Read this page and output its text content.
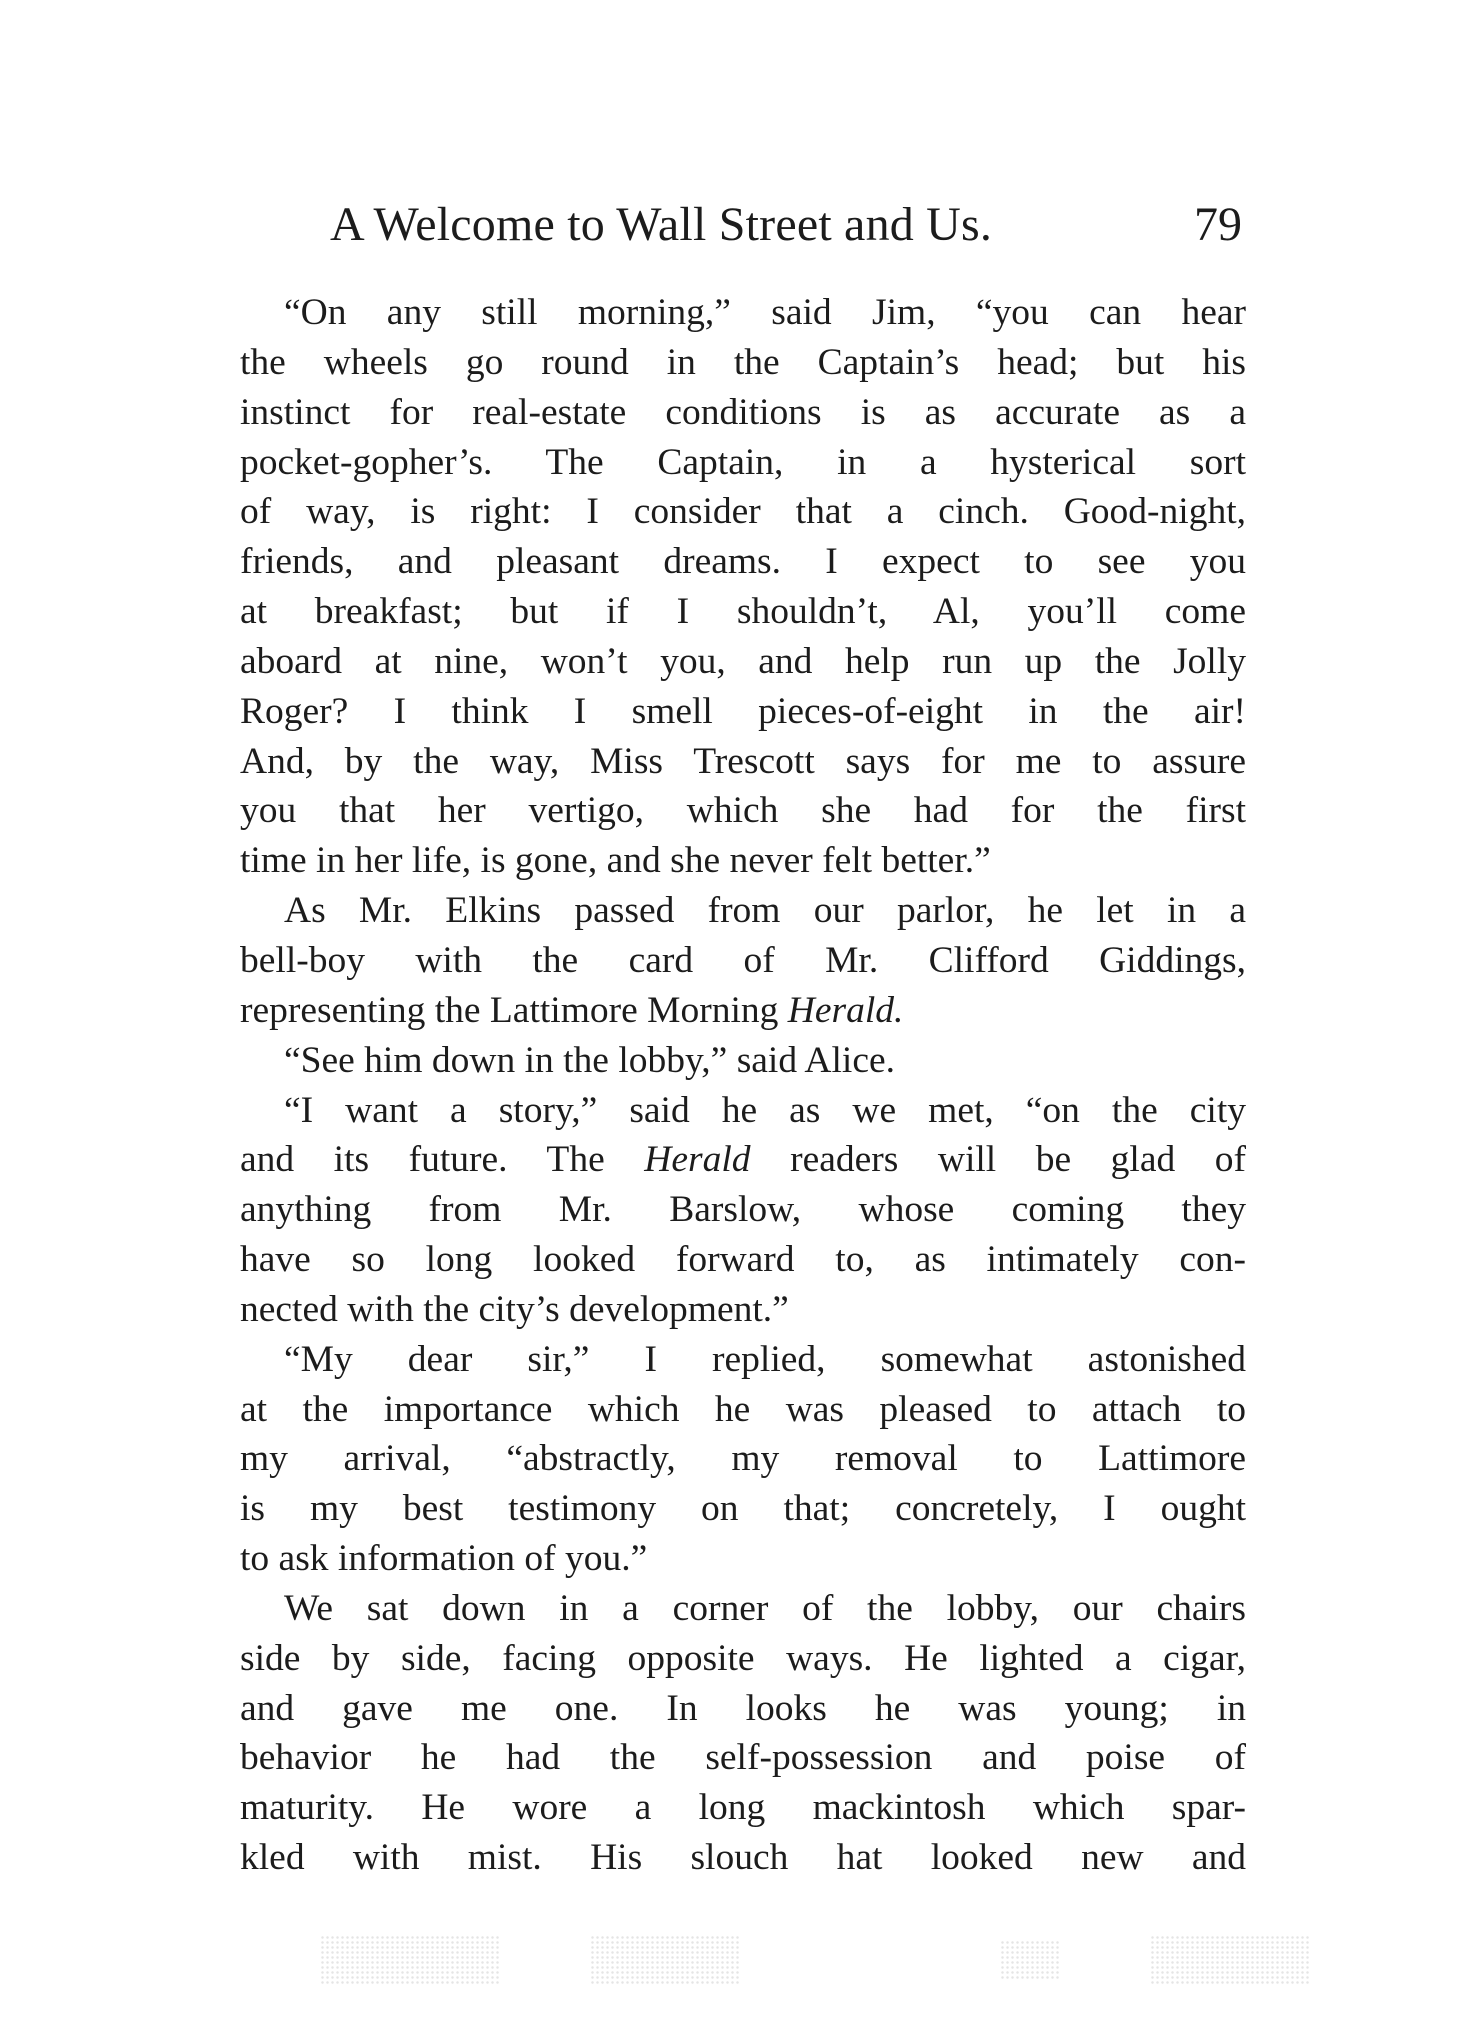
A Welcome to Wall Street and Us.	79
“On any still morning,” said Jim, “you can hear
the wheels go round in the Captain’s head; but his
instinct for real-estate conditions is as accurate as a
pocket-gopher’s. The Captain, in a hysterical sort
of way, is right: I consider that a cinch. Good-night,
friends, and pleasant dreams. I expect to see you
at breakfast; but if I shouldn’t, Al, you’ll come
aboard at nine, won’t you, and help run up the Jolly
Roger? I think I smell pieces-of-eight in the air!
And, by the way, Miss Trescott says for me to assure
you that her vertigo, which she had for the first
time in her life, is gone, and she never felt better.”
As Mr. Elkins passed from our parlor, he let in a
bell-boy with the card of Mr. Clifford Giddings,
representing the Lattimore Morning Herald.
“See him down in the lobby,” said Alice.
“I want a story,” said he as we met, “on the city
and its future. The Herald readers will be glad of
anything from Mr. Barslow, whose coming they
have so long looked forward to, as intimately con-
nected with the city’s development.”
“My dear sir,” I replied, somewhat astonished
at the importance which he was pleased to attach to
my arrival, “abstractly, my removal to Lattimore
is my best testimony on that; concretely, I ought
to ask information of you.”
We sat down in a corner of the lobby, our chairs
side by side, facing opposite ways. He lighted a cigar,
and gave me one. In looks he was young; in
behavior he had the self-possession and poise of
maturity. He wore a long mackintosh which spar-
kled with mist. His slouch hat looked new and
